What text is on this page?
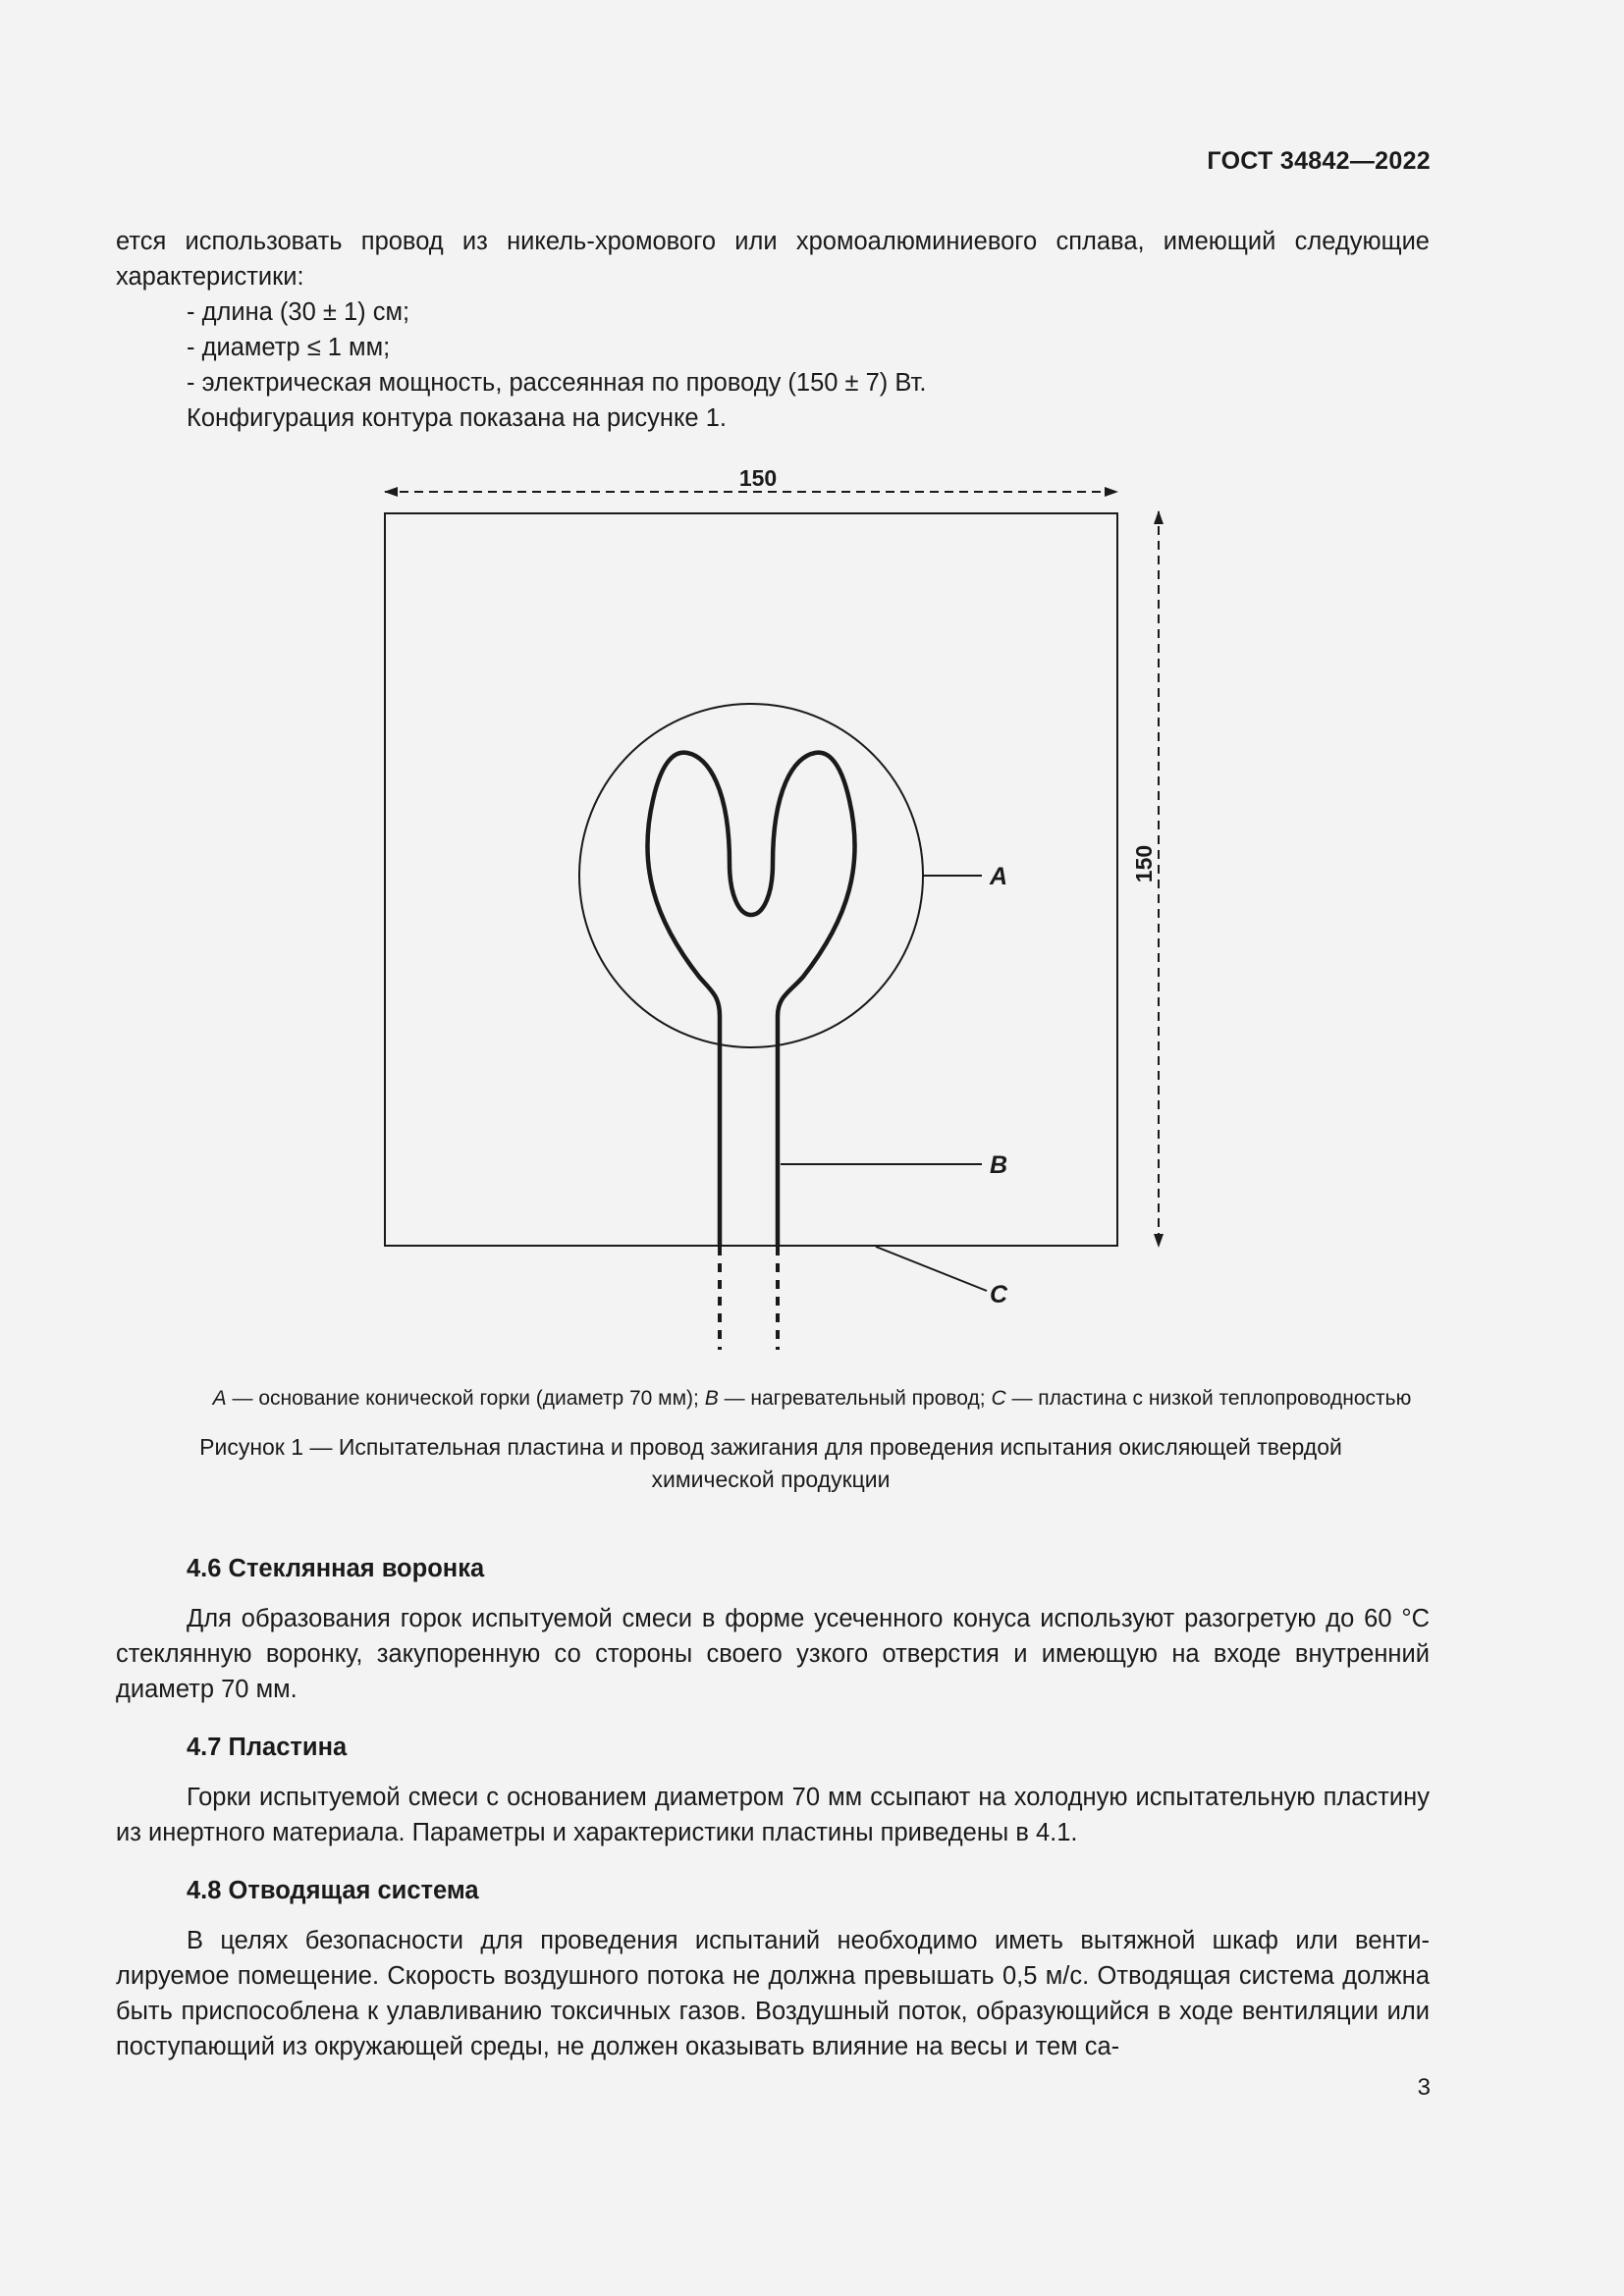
ГОСТ 34842—2022

ется использовать провод из никель-хромового или хромоалюминиевого сплава, имеющий следующие характеристики:

- длина (30 ± 1) см;
- диаметр ≤ 1 мм;
- электрическая мощность, рассеянная по проводу (150 ± 7) Вт.

Конфигурация контура показана на рисунке 1.

150
150
A
B
C
A — основание конической горки (диаметр 70 мм); B — нагревательный провод; C — пластина с низкой теплопроводностью
Рисунок 1 — Испытательная пластина и провод зажигания для проведения испытания окисляющей твердой химической продукции

4.6 Стеклянная воронка

Для образования горок испытуемой смеси в форме усеченного конуса используют разогретую до 60 °С стеклянную воронку, закупоренную со стороны своего узкого отверстия и имеющую на входе внутренний диаметр 70 мм.

4.7 Пластина

Горки испытуемой смеси с основанием диаметром 70 мм ссыпают на холодную испытательную пластину из инертного материала. Параметры и характеристики пластины приведены в 4.1.

4.8 Отводящая система

В целях безопасности для проведения испытаний необходимо иметь вытяжной шкаф или венти-лируемое помещение. Скорость воздушного потока не должна превышать 0,5 м/с. Отводящая система должна быть приспособлена к улавливанию токсичных газов. Воздушный поток, образующийся в ходе вентиляции или поступающий из окружающей среды, не должен оказывать влияние на весы и тем са-

3
